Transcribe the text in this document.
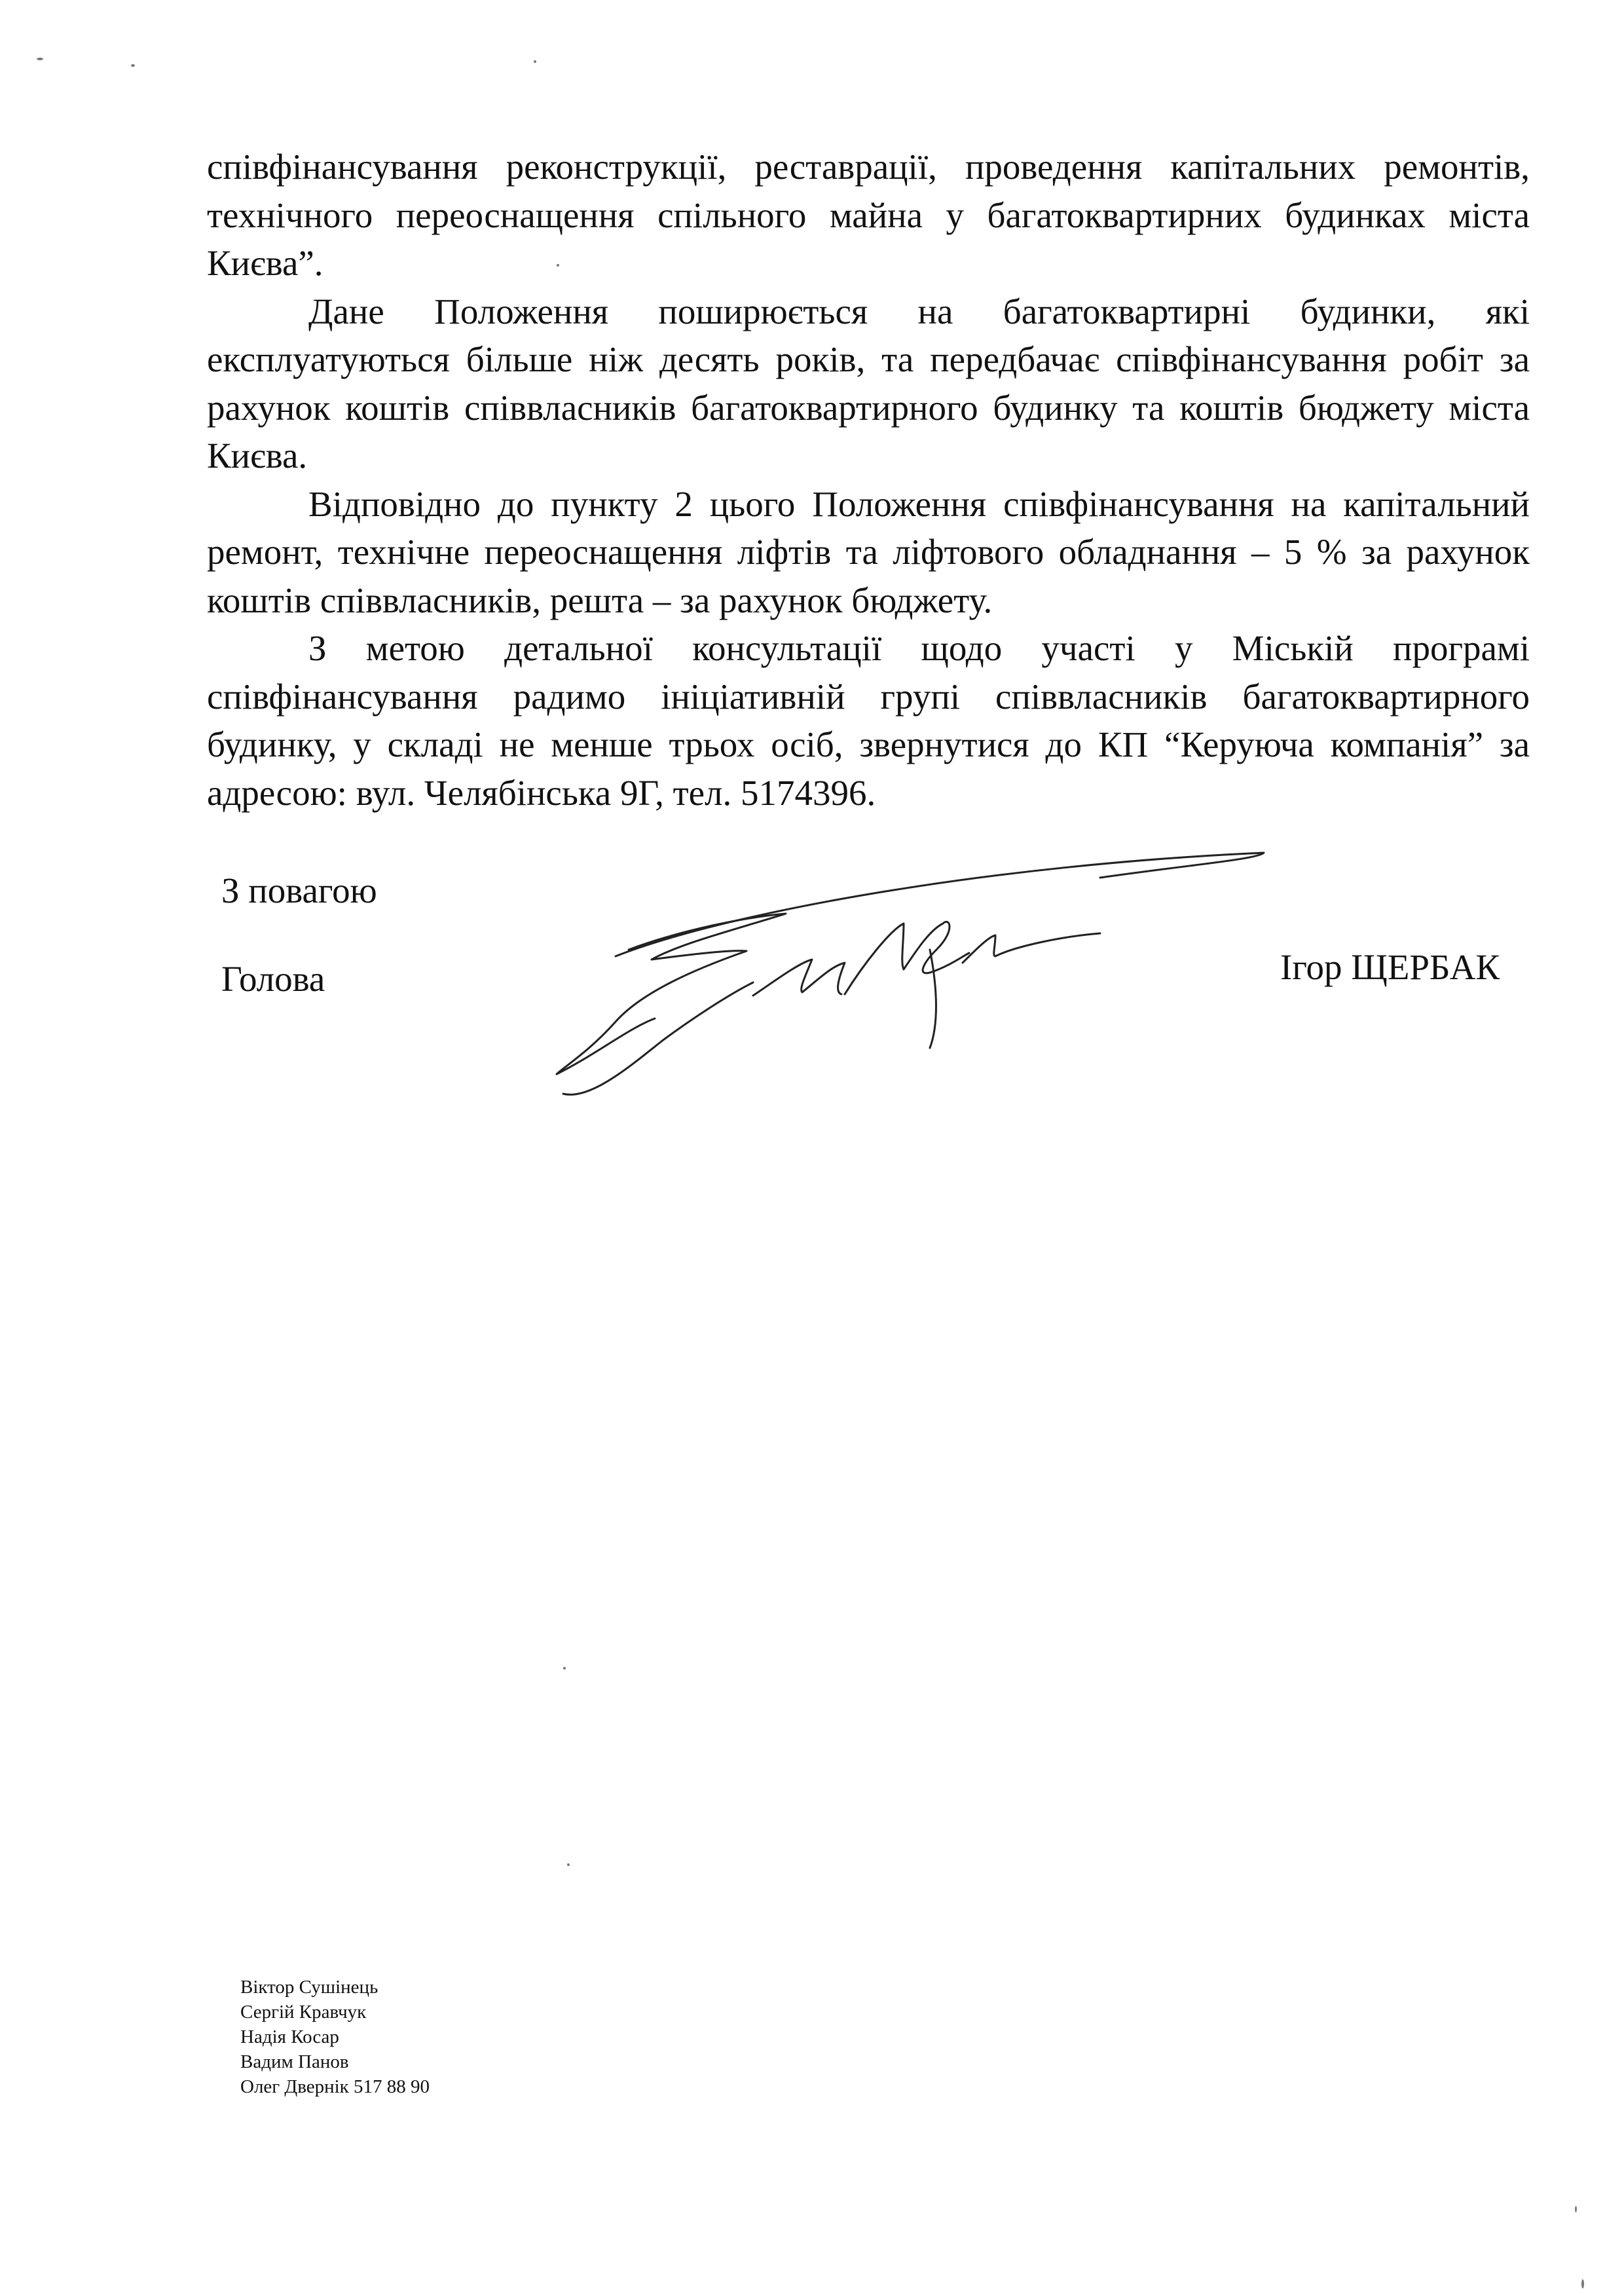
співфінансування реконструкції, реставрації, проведення капітальних ремонтів, технічного переоснащення спільного майна у багатоквартирних будинках міста Києва”.

Дане Положення поширюється на багатоквартирні будинки, які експлуатуються більше ніж десять років, та передбачає співфінансування робіт за рахунок коштів співвласників багатоквартирного будинку та коштів бюджету міста Києва.

Відповідно до пункту 2 цього Положення співфінансування на капітальний ремонт, технічне переоснащення ліфтів та ліфтового обладнання – 5 % за рахунок коштів співвласників, решта – за рахунок бюджету.

З метою детальної консультації щодо участі у Міській програмі співфінансування радимо ініціативній групі співвласників багатоквартирного будинку, у складі не менше трьох осіб, звернутися до КП “Керуюча компанія” за адресою: вул. Челябінська 9Г, тел. 5174396.

З повагою
Голова	Ігор ЩЕРБАК
Віктор Сушінець
Сергій Кравчук
Надія Косар
Вадим Панов
Олег Двернік 517 88 90
